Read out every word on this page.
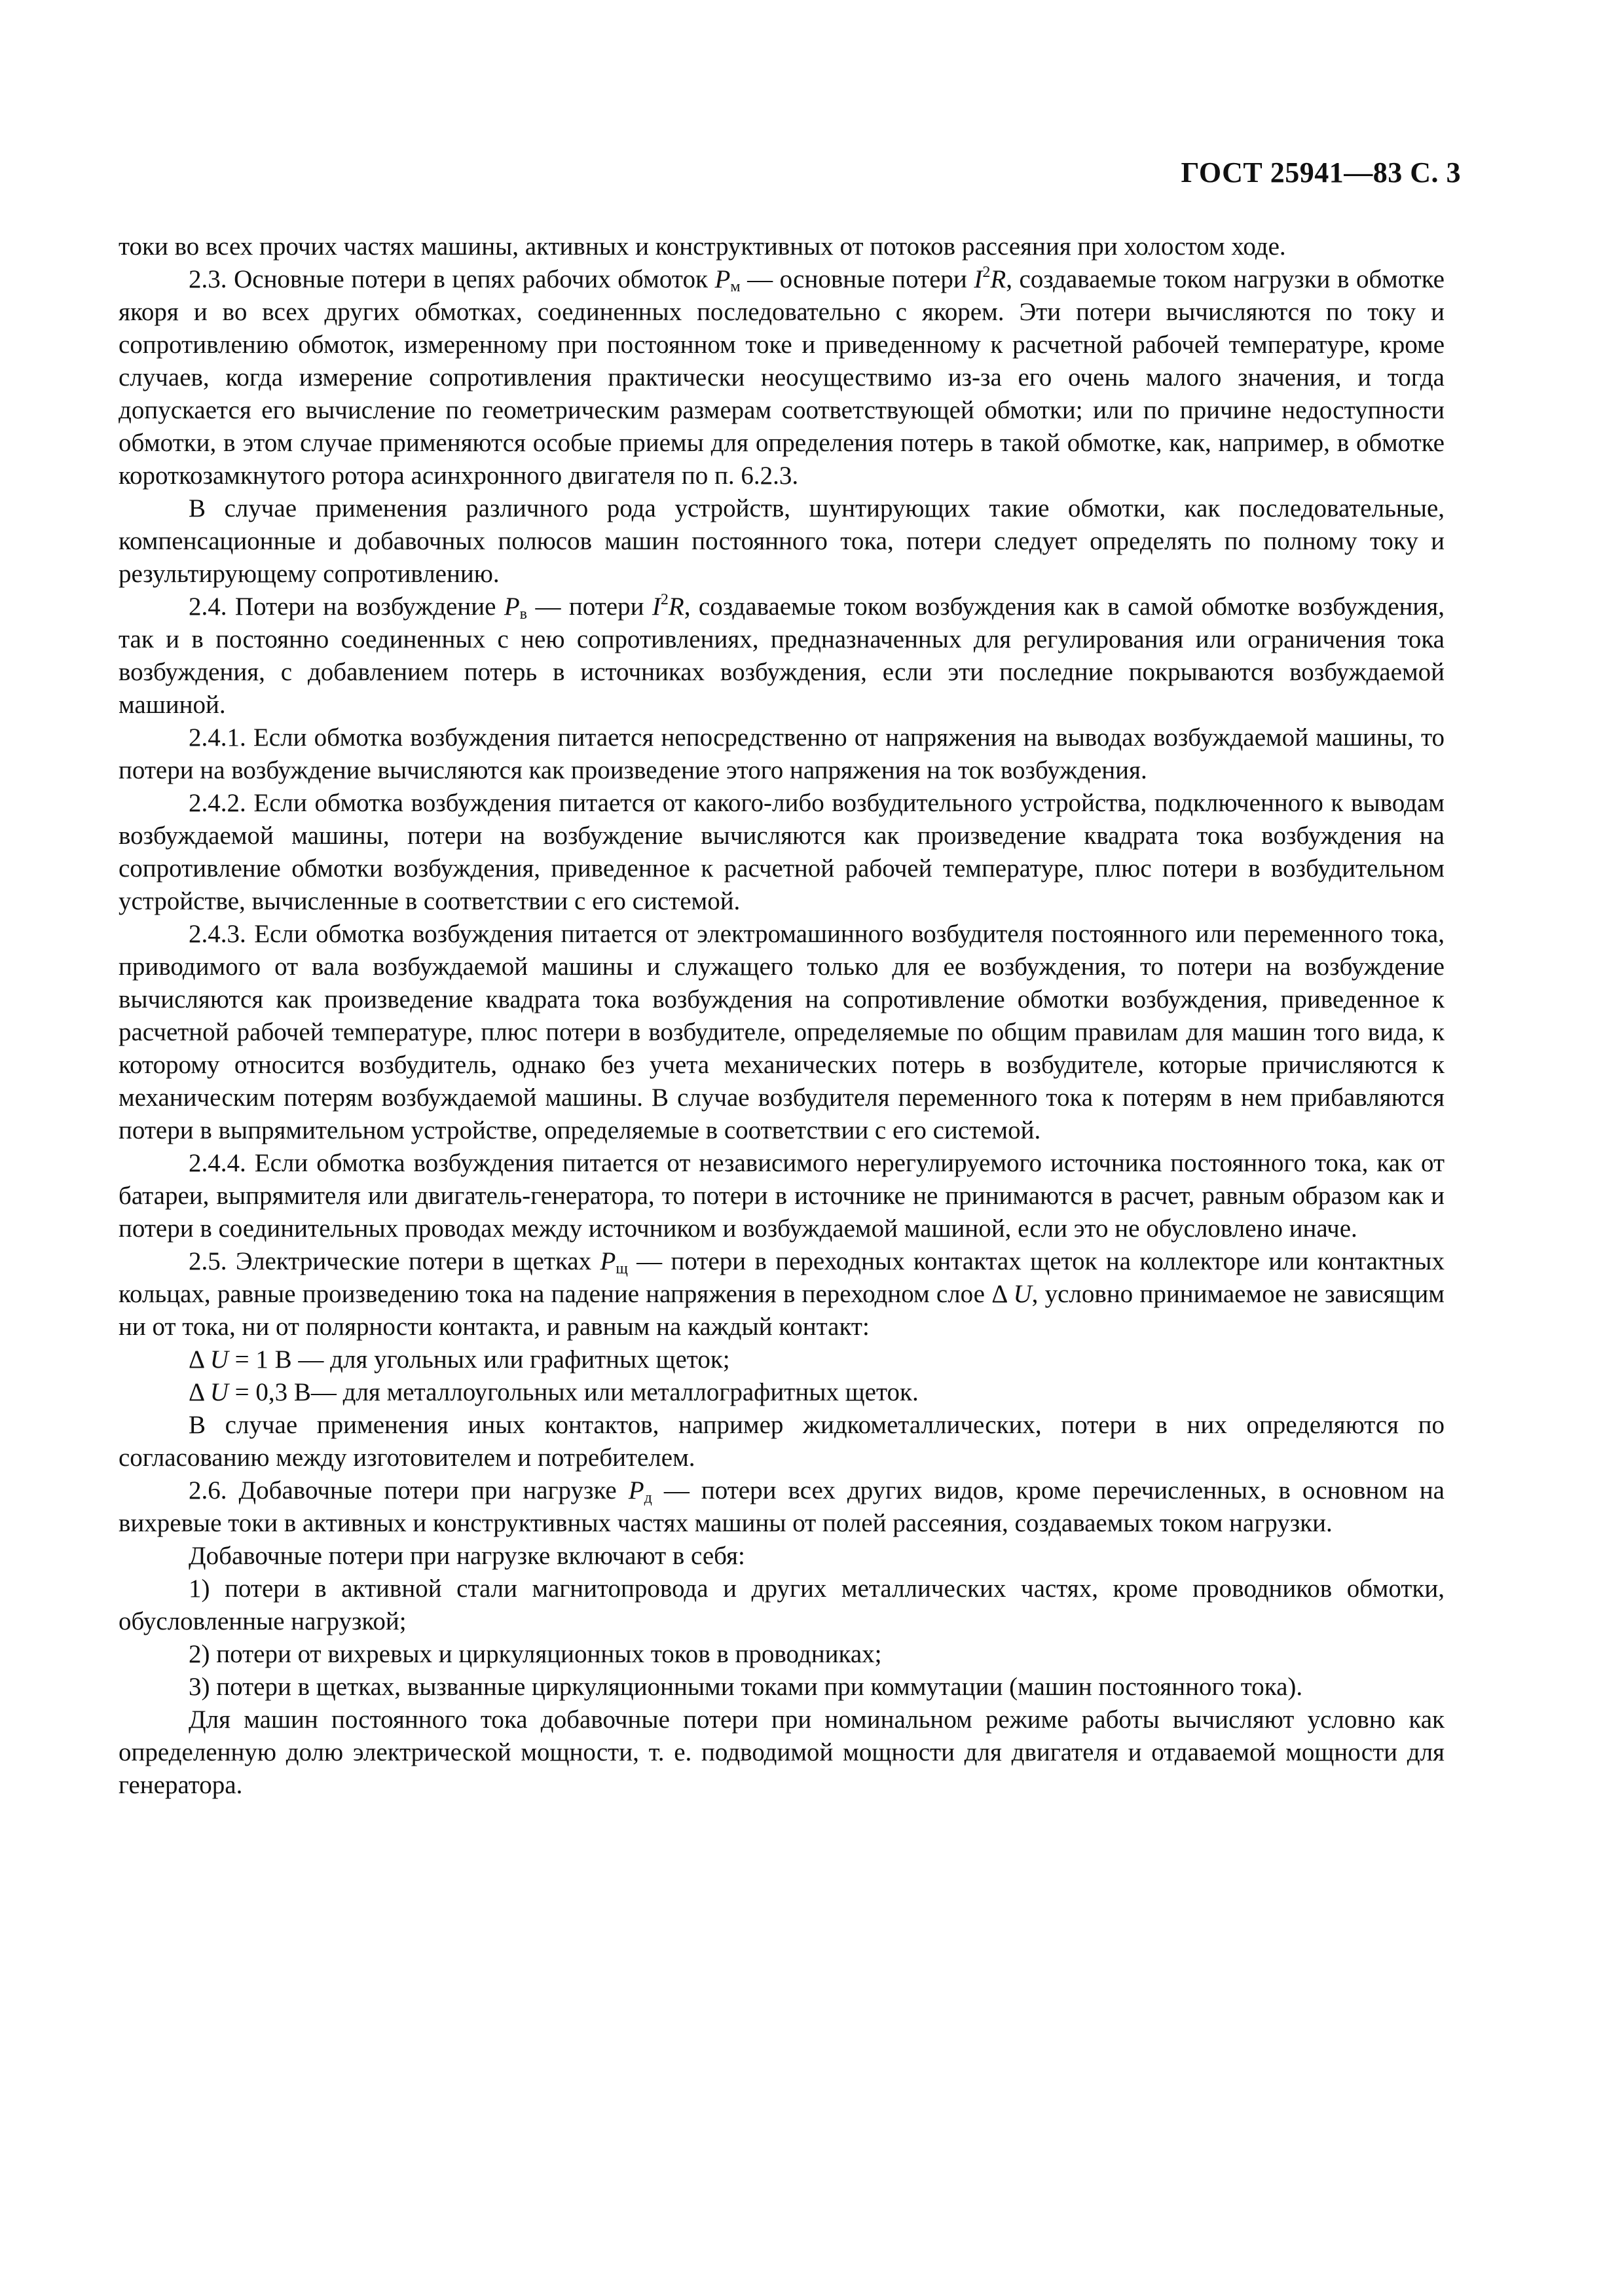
ГОСТ 25941—83 С. 3

токи во всех прочих частях машины, активных и конструктивных от потоков рассеяния при холостом ходе.

2.3. Основные потери в цепях рабочих обмоток $P_м$ — основные потери $I^2R$, создаваемые током нагрузки в обмотке якоря и во всех других обмотках, соединенных последовательно с якорем. Эти потери вычисляются по току и сопротивлению обмоток, измеренному при постоянном токе и приведенному к расчетной рабочей температуре, кроме случаев, когда измерение сопротивления практически неосуществимо из-за его очень малого значения, и тогда допускается его вычисление по геометрическим размерам соответствующей обмотки; или по причине недоступности обмотки, в этом случае применяются особые приемы для определения потерь в такой обмотке, как, например, в обмотке короткозамкнутого ротора асинхронного двигателя по п. 6.2.3.

В случае применения различного рода устройств, шунтирующих такие обмотки, как последовательные, компенсационные и добавочных полюсов машин постоянного тока, потери следует определять по полному току и результирующему сопротивлению.

2.4. Потери на возбуждение $P_в$ — потери $I^2R$, создаваемые током возбуждения как в самой обмотке возбуждения, так и в постоянно соединенных с нею сопротивлениях, предназначенных для регулирования или ограничения тока возбуждения, с добавлением потерь в источниках возбуждения, если эти последние покрываются возбуждаемой машиной.

2.4.1. Если обмотка возбуждения питается непосредственно от напряжения на выводах возбуждаемой машины, то потери на возбуждение вычисляются как произведение этого напряжения на ток возбуждения.

2.4.2. Если обмотка возбуждения питается от какого-либо возбудительного устройства, подключенного к выводам возбуждаемой машины, потери на возбуждение вычисляются как произведение квадрата тока возбуждения на сопротивление обмотки возбуждения, приведенное к расчетной рабочей температуре, плюс потери в возбудительном устройстве, вычисленные в соответствии с его системой.

2.4.3. Если обмотка возбуждения питается от электромашинного возбудителя постоянного или переменного тока, приводимого от вала возбуждаемой машины и служащего только для ее возбуждения, то потери на возбуждение вычисляются как произведение квадрата тока возбуждения на сопротивление обмотки возбуждения, приведенное к расчетной рабочей температуре, плюс потери в возбудителе, определяемые по общим правилам для машин того вида, к которому относится возбудитель, однако без учета механических потерь в возбудителе, которые причисляются к механическим потерям возбуждаемой машины. В случае возбудителя переменного тока к потерям в нем прибавляются потери в выпрямительном устройстве, определяемые в соответствии с его системой.

2.4.4. Если обмотка возбуждения питается от независимого нерегулируемого источника постоянного тока, как от батареи, выпрямителя или двигатель-генератора, то потери в источнике не принимаются в расчет, равным образом как и потери в соединительных проводах между источником и возбуждаемой машиной, если это не обусловлено иначе.

2.5. Электрические потери в щетках $P_щ$ — потери в переходных контактах щеток на коллекторе или контактных кольцах, равные произведению тока на падение напряжения в переходном слое Δ U, условно принимаемое не зависящим ни от тока, ни от полярности контакта, и равным на каждый контакт:

Δ U = 1 В — для угольных или графитных щеток;

Δ U = 0,3 В— для металлоугольных или металлографитных щеток.

В случае применения иных контактов, например жидкометаллических, потери в них определяются по согласованию между изготовителем и потребителем.

2.6. Добавочные потери при нагрузке $P_д$ — потери всех других видов, кроме перечисленных, в основном на вихревые токи в активных и конструктивных частях машины от полей рассеяния, создаваемых током нагрузки.

Добавочные потери при нагрузке включают в себя:

1) потери в активной стали магнитопровода и других металлических частях, кроме проводников обмотки, обусловленные нагрузкой;

2) потери от вихревых и циркуляционных токов в проводниках;

3) потери в щетках, вызванные циркуляционными токами при коммутации (машин постоянного тока).

Для машин постоянного тока добавочные потери при номинальном режиме работы вычисляют условно как определенную долю электрической мощности, т. е. подводимой мощности для двигателя и отдаваемой мощности для генератора.
